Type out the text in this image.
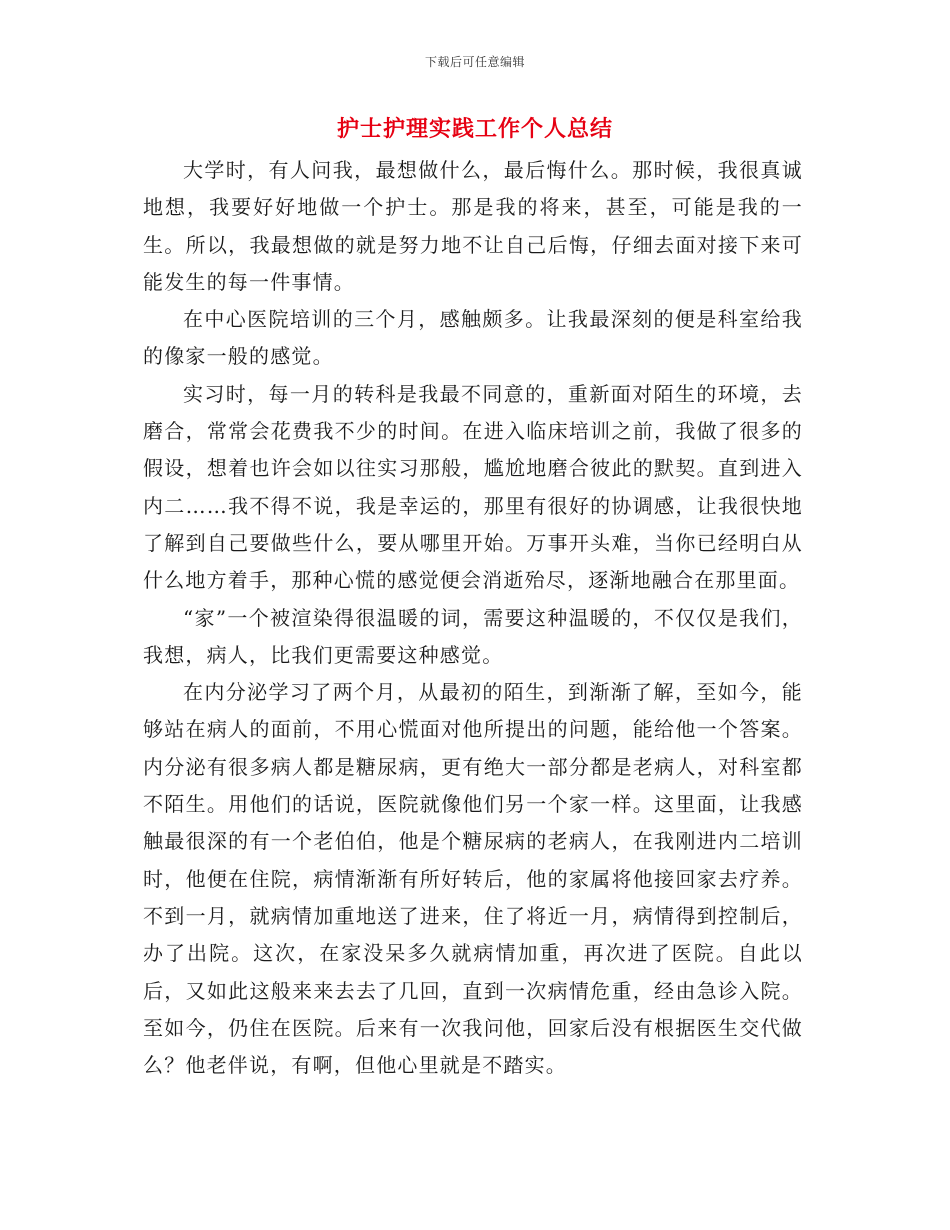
下载后可任意编辑
护士护理实践工作个人总结

大学时，有人问我，最想做什么，最后悔什么。那时候，我很真诚地想，我要好好地做一个护士。那是我的将来，甚至，可能是我的一生。所以，我最想做的就是努力地不让自己后悔，仔细去面对接下来可能发生的每一件事情。

在中心医院培训的三个月，感触颇多。让我最深刻的便是科室给我的像家一般的感觉。

实习时，每一月的转科是我最不同意的，重新面对陌生的环境，去磨合，常常会花费我不少的时间。在进入临床培训之前，我做了很多的假设，想着也许会如以往实习那般，尴尬地磨合彼此的默契。直到进入内二……我不得不说，我是幸运的，那里有很好的协调感，让我很快地了解到自己要做些什么，要从哪里开始。万事开头难，当你已经明白从什么地方着手，那种心慌的感觉便会消逝殆尽，逐渐地融合在那里面。

“家”一个被渲染得很温暖的词，需要这种温暖的，不仅仅是我们，我想，病人，比我们更需要这种感觉。

在内分泌学习了两个月，从最初的陌生，到渐渐了解，至如今，能够站在病人的面前，不用心慌面对他所提出的问题，能给他一个答案。内分泌有很多病人都是糖尿病，更有绝大一部分都是老病人，对科室都不陌生。用他们的话说，医院就像他们另一个家一样。这里面，让我感触最很深的有一个老伯伯，他是个糖尿病的老病人，在我刚进内二培训时，他便在住院，病情渐渐有所好转后，他的家属将他接回家去疗养。不到一月，就病情加重地送了进来，住了将近一月，病情得到控制后，办了出院。这次，在家没呆多久就病情加重，再次进了医院。自此以后，又如此这般来来去去了几回，直到一次病情危重，经由急诊入院。至如今，仍住在医院。后来有一次我问他，回家后没有根据医生交代做么？他老伴说，有啊，但他心里就是不踏实。
